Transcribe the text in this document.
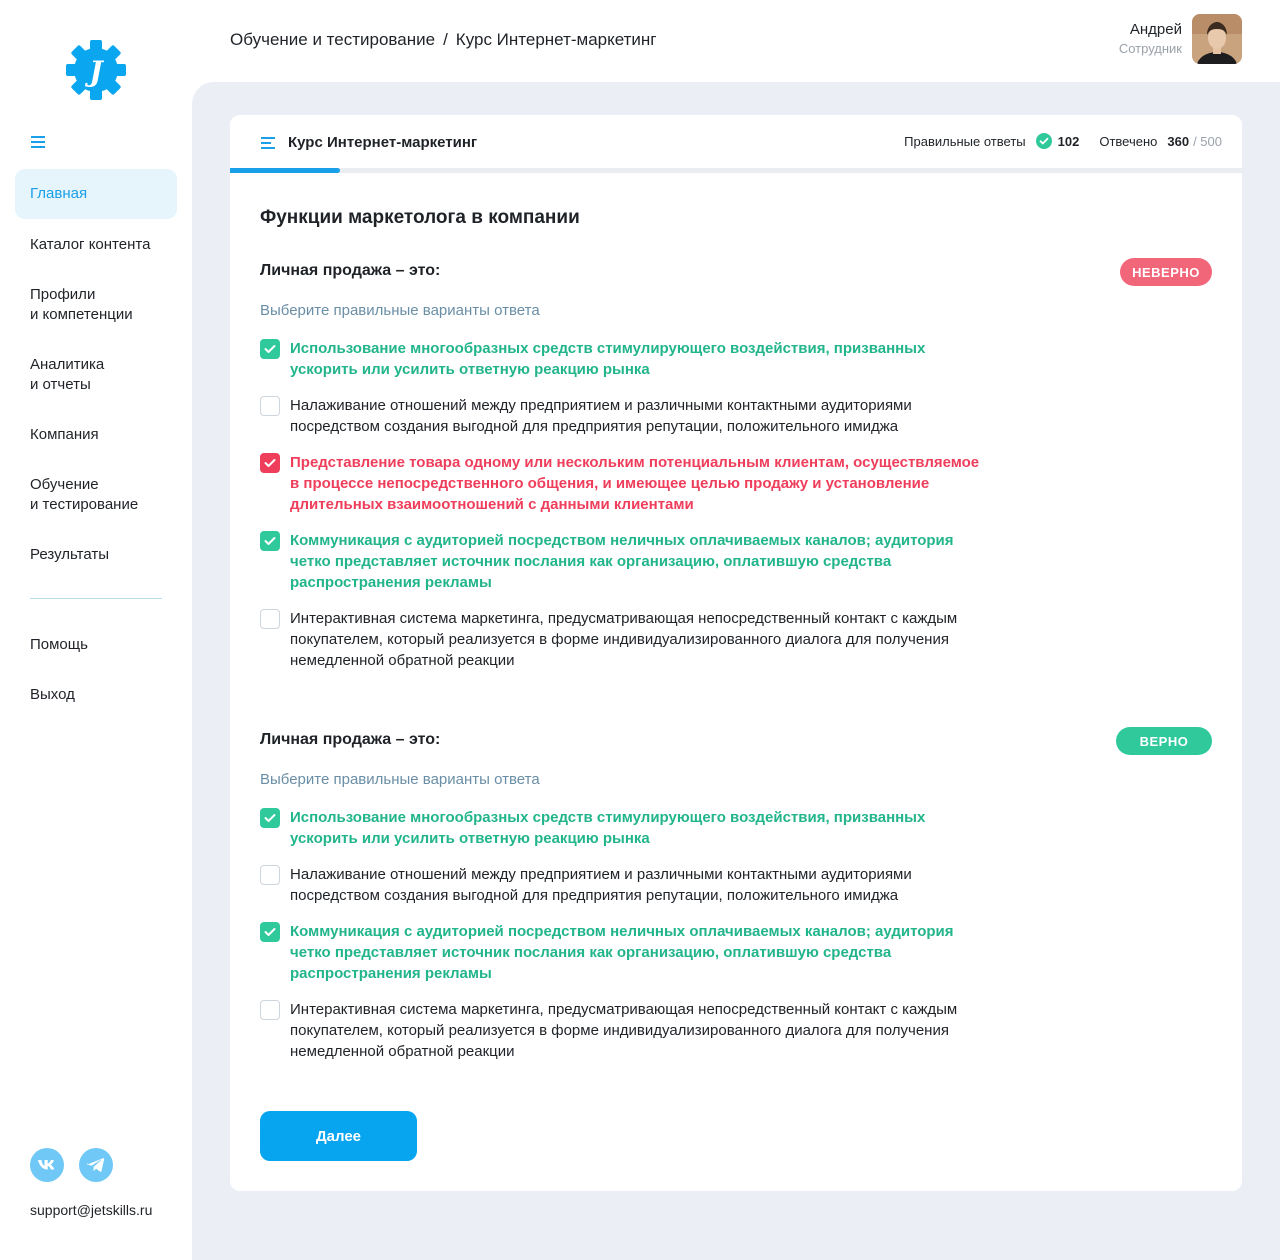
J
Главная
Каталог контента
Профили
и компетенции
Аналитика
и отчеты
Компания
Обучение
и тестирование
Результаты
Помощь
Выход
support@jetskills.ru
Обучение и тестирование / Курс Интернет-маркетинг
Андрей
Сотрудник
Курс Интернет-маркетинг	Правильные ответы 102 Отвечено 360 / 500
Функции маркетолога в компании
Личная продажа – это:	НЕВЕРНО
Выберите правильные варианты ответа
Использование многообразных средств стимулирующего воздействия, призванных ускорить или усилить ответную реакцию рынка
Налаживание отношений между предприятием и различными контактными аудиториями посредством создания выгодной для предприятия репутации, положительного имиджа
Представление товара одному или нескольким потенциальным клиентам, осуществляемое в процессе непосредственного общения, и имеющее целью продажу и установление длительных взаимоотношений с данными клиентами
Коммуникация с аудиторией посредством неличных оплачиваемых каналов; аудитория четко представляет источник послания как организацию, оплатившую средства распространения рекламы
Интерактивная система маркетинга, предусматривающая непосредственный контакт с каждым покупателем, который реализуется в форме индивидуализированного диалога для получения немедленной обратной реакции
Личная продажа – это:	ВЕРНО
Выберите правильные варианты ответа
Использование многообразных средств стимулирующего воздействия, призванных ускорить или усилить ответную реакцию рынка
Налаживание отношений между предприятием и различными контактными аудиториями посредством создания выгодной для предприятия репутации, положительного имиджа
Коммуникация с аудиторией посредством неличных оплачиваемых каналов; аудитория четко представляет источник послания как организацию, оплатившую средства распространения рекламы
Интерактивная система маркетинга, предусматривающая непосредственный контакт с каждым покупателем, который реализуется в форме индивидуализированного диалога для получения немедленной обратной реакции
Далее
